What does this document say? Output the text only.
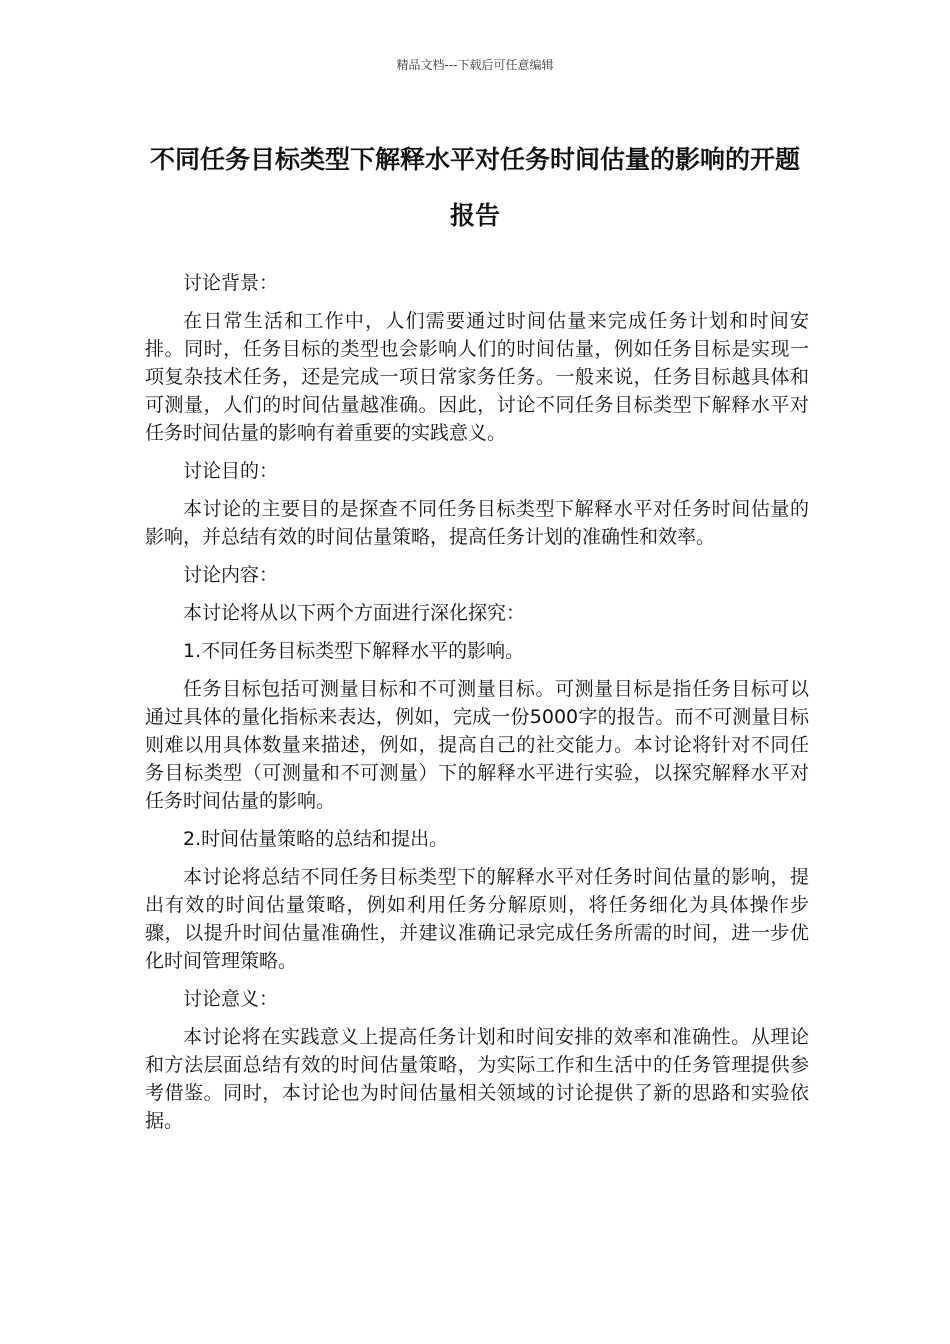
精品文档---下载后可任意编辑
不同任务目标类型下解释水平对任务时间估量的影响的开题报告

讨论背景：

在日常生活和工作中，人们需要通过时间估量来完成任务计划和时间安排。同时，任务目标的类型也会影响人们的时间估量，例如任务目标是实现一项复杂技术任务，还是完成一项日常家务任务。一般来说，任务目标越具体和可测量，人们的时间估量越准确。因此，讨论不同任务目标类型下解释水平对任务时间估量的影响有着重要的实践意义。

讨论目的：

本讨论的主要目的是探查不同任务目标类型下解释水平对任务时间估量的影响，并总结有效的时间估量策略，提高任务计划的准确性和效率。

讨论内容：

本讨论将从以下两个方面进行深化探究：

1.不同任务目标类型下解释水平的影响。

任务目标包括可测量目标和不可测量目标。可测量目标是指任务目标可以通过具体的量化指标来表达，例如，完成一份5000字的报告。而不可测量目标则难以用具体数量来描述，例如，提高自己的社交能力。本讨论将针对不同任务目标类型（可测量和不可测量）下的解释水平进行实验，以探究解释水平对任务时间估量的影响。

2.时间估量策略的总结和提出。

本讨论将总结不同任务目标类型下的解释水平对任务时间估量的影响，提出有效的时间估量策略，例如利用任务分解原则，将任务细化为具体操作步骤，以提升时间估量准确性，并建议准确记录完成任务所需的时间，进一步优化时间管理策略。

讨论意义：

本讨论将在实践意义上提高任务计划和时间安排的效率和准确性。从理论和方法层面总结有效的时间估量策略，为实际工作和生活中的任务管理提供参考借鉴。同时，本讨论也为时间估量相关领域的讨论提供了新的思路和实验依据。
